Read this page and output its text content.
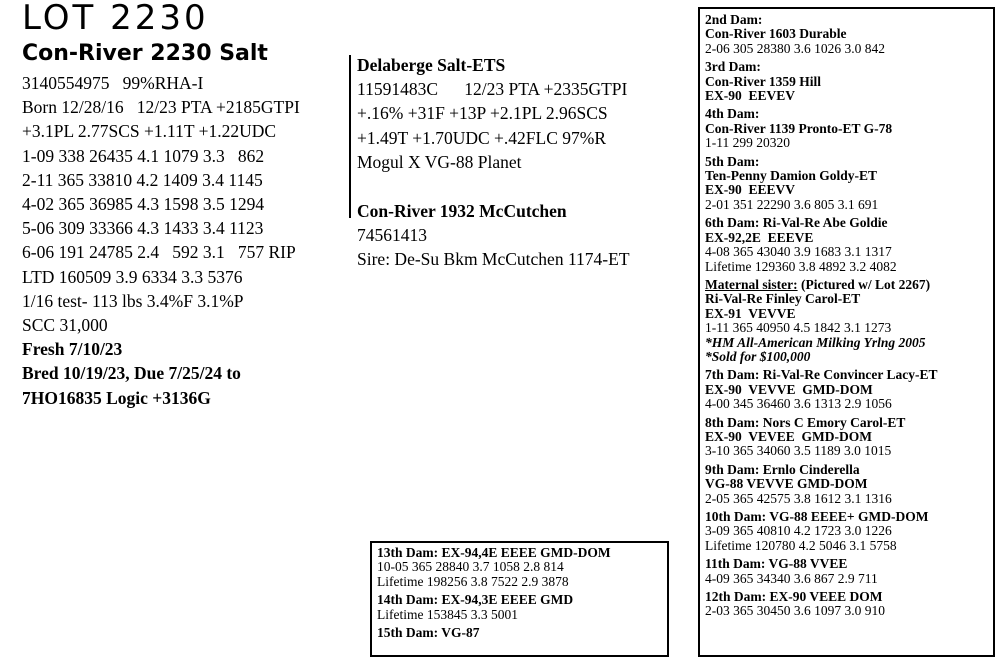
LOT 2230
Con-River 2230 Salt
3140554975   99%RHA-I
Born 12/28/16   12/23 PTA +2185GTPI
+3.1PL 2.77SCS +1.11T +1.22UDC
1-09 338 26435 4.1 1079 3.3   862
2-11 365 33810 4.2 1409 3.4 1145
4-02 365 36985 4.3 1598 3.5 1294
5-06 309 33366 4.3 1433 3.4 1123
6-06 191 24785 2.4   592 3.1   757 RIP
LTD 160509 3.9 6334 3.3 5376
1/16 test- 113 lbs 3.4%F 3.1%P
SCC 31,000
Fresh 7/10/23
Bred 10/19/23, Due 7/25/24 to
7HO16835 Logic +3136G
Delaberge Salt-ETS
11591483C      12/23 PTA +2335GTPI
+.16% +31F +13P +2.1PL 2.96SCS
+1.49T +1.70UDC +.42FLC 97%R
Mogul X VG-88 Planet
Con-River 1932 McCutchen
74561413
Sire: De-Su Bkm McCutchen 1174-ET
2nd Dam:
Con-River 1603 Durable
2-06 305 28380 3.6 1026 3.0 842
3rd Dam:
Con-River 1359 Hill
EX-90  EEVEV
4th Dam:
Con-River 1139 Pronto-ET G-78
1-11 299 20320
5th Dam:
Ten-Penny Damion Goldy-ET
EX-90  EEEVV
2-01 351 22290 3.6 805 3.1 691
6th Dam: Ri-Val-Re Abe Goldie
EX-92,2E  EEEVE
4-08 365 43040 3.9 1683 3.1 1317
Lifetime 129360 3.8 4892 3.2 4082
Maternal sister: (Pictured w/ Lot 2267)
Ri-Val-Re Finley Carol-ET
EX-91  VEVVE
1-11 365 40950 4.5 1842 3.1 1273
*HM All-American Milking Yrlng 2005
*Sold for $100,000
7th Dam: Ri-Val-Re Convincer Lacy-ET
EX-90  VEVVE  GMD-DOM
4-00 345 36460 3.6 1313 2.9 1056
8th Dam: Nors C Emory Carol-ET
EX-90  VEVEE  GMD-DOM
3-10 365 34060 3.5 1189 3.0 1015
9th Dam: Ernlo Cinderella
VG-88 VEVVE GMD-DOM
2-05 365 42575 3.8 1612 3.1 1316
10th Dam: VG-88 EEEE+ GMD-DOM
3-09 365 40810 4.2 1723 3.0 1226
Lifetime 120780 4.2 5046 3.1 5758
11th Dam: VG-88 VVEE
4-09 365 34340 3.6 867 2.9 711
12th Dam: EX-90 VEEE DOM
2-03 365 30450 3.6 1097 3.0 910
13th Dam: EX-94,4E EEEE GMD-DOM
10-05 365 28840 3.7 1058 2.8 814
Lifetime 198256 3.8 7522 2.9 3878
14th Dam: EX-94,3E EEEE GMD
Lifetime 153845 3.3 5001
15th Dam: VG-87
